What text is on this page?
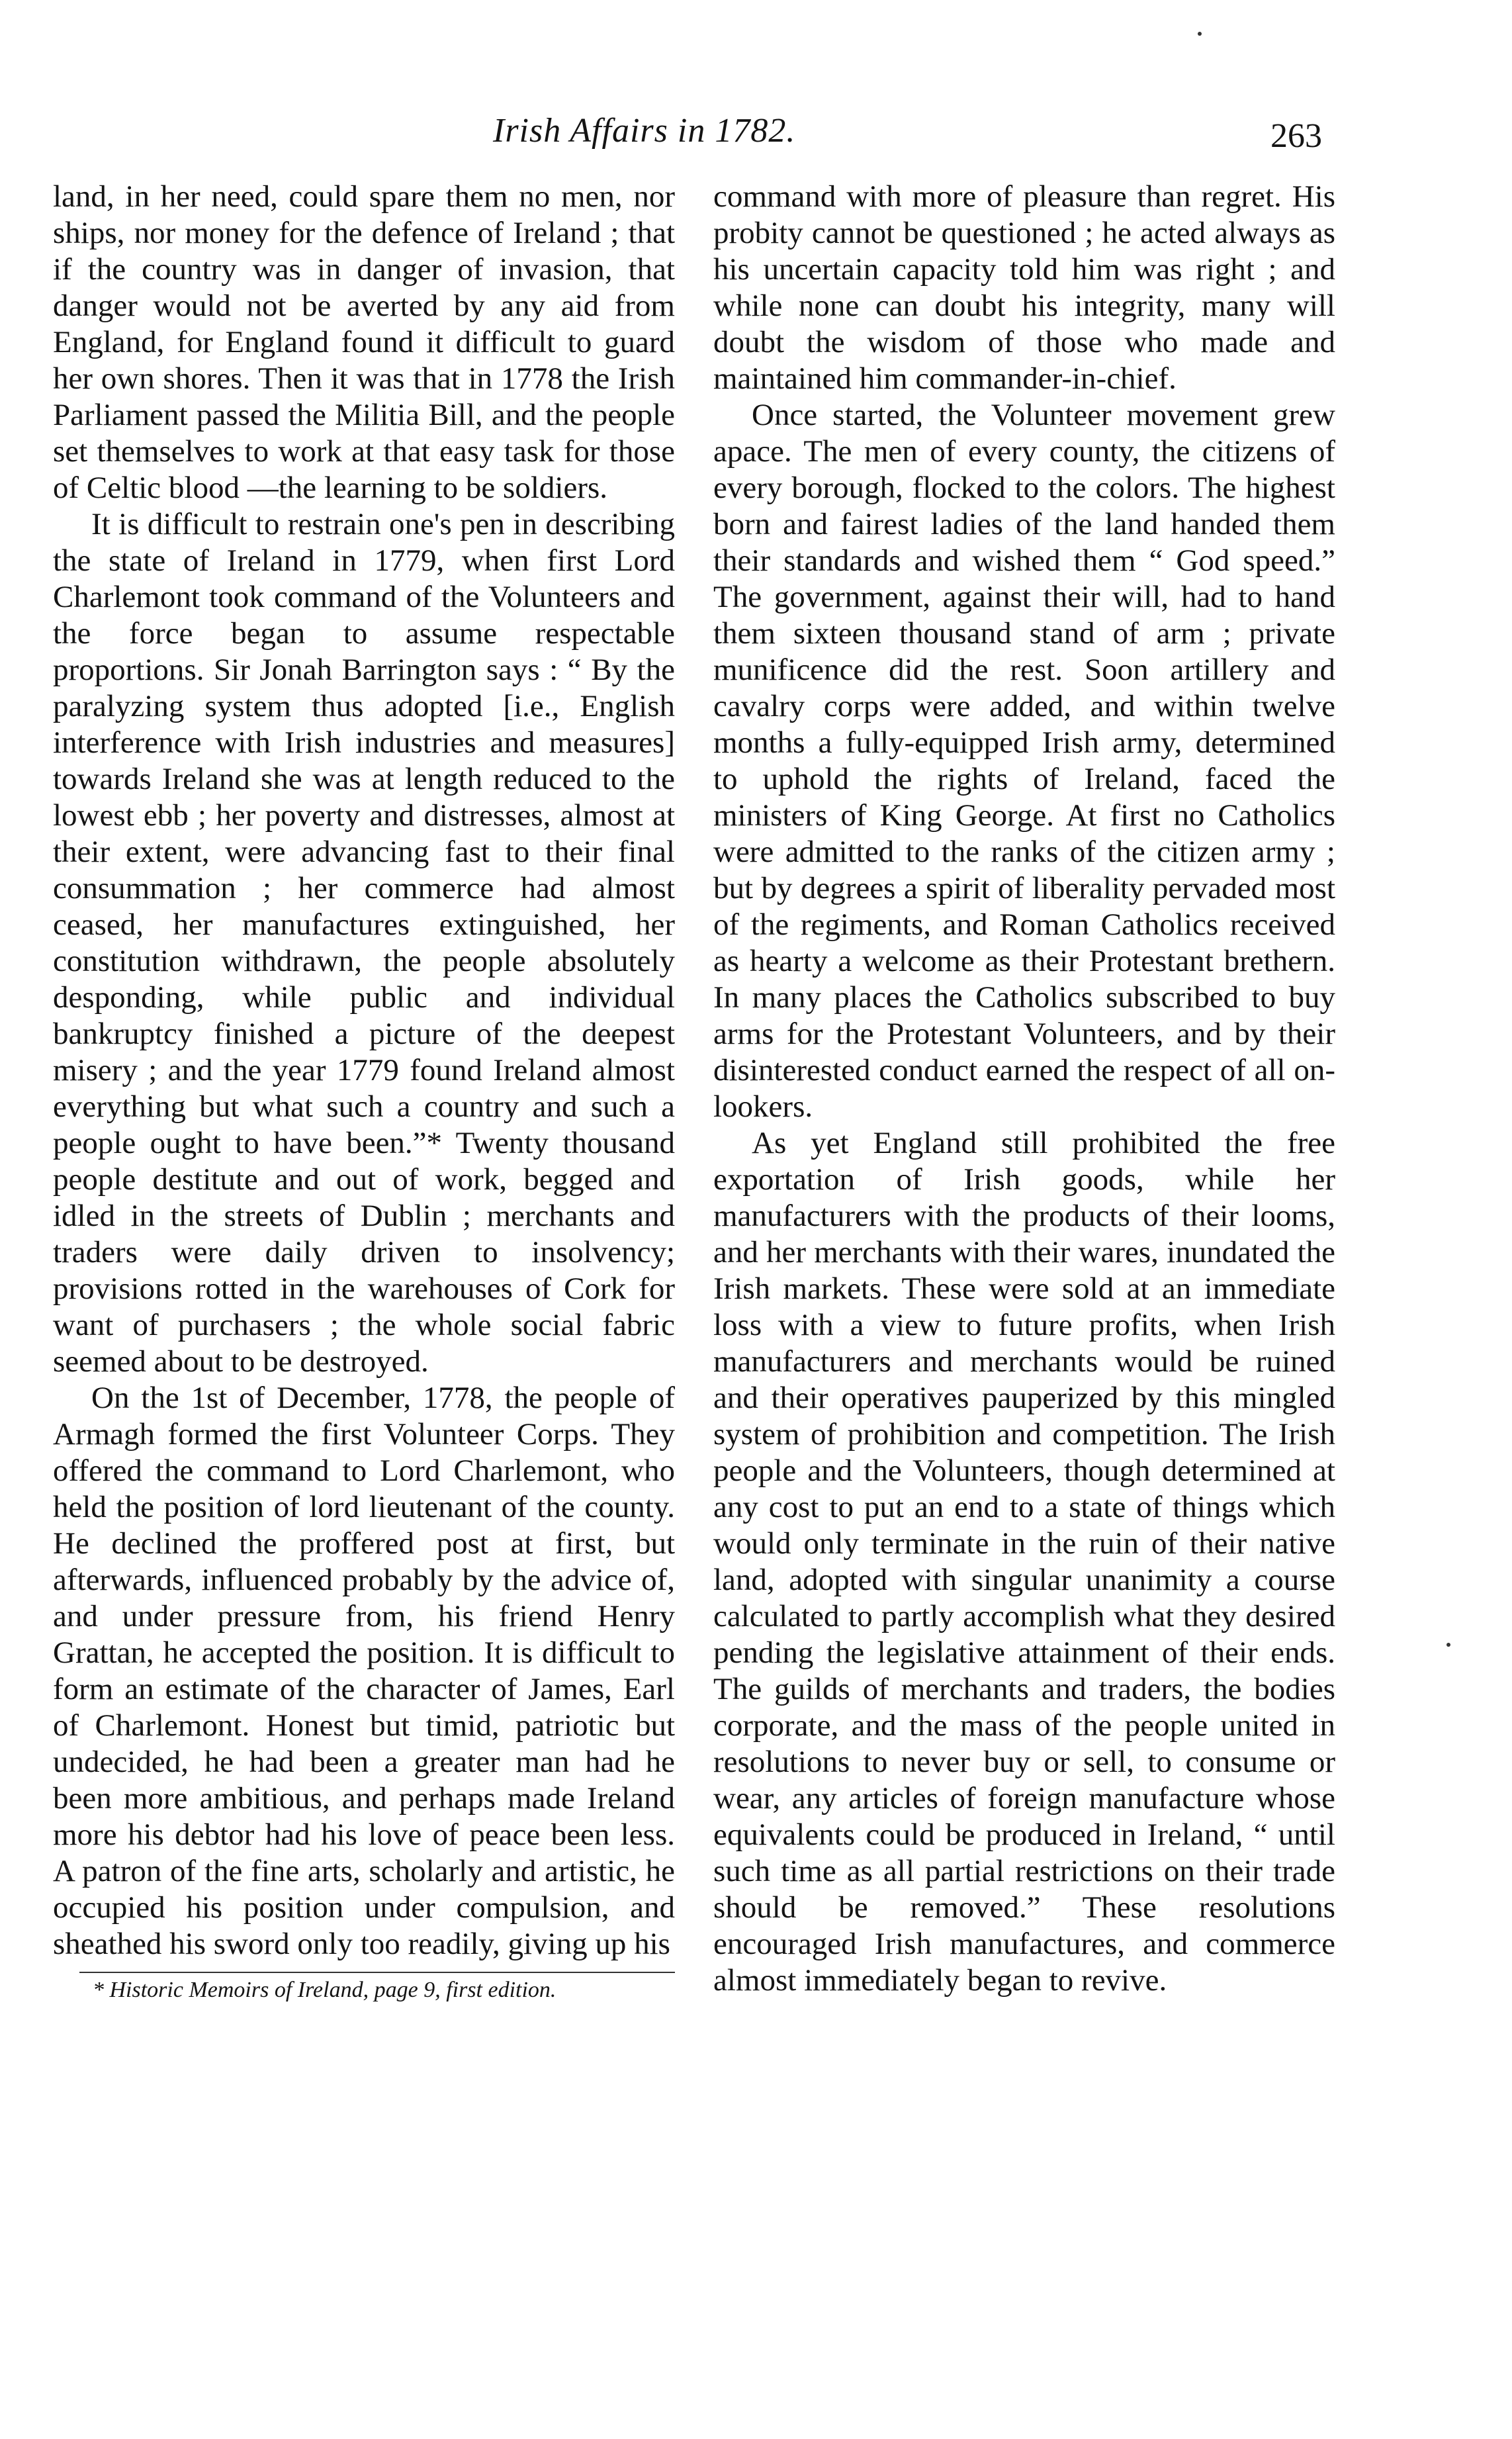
Irish Affairs in 1782.	263

land, in her need, could spare them no men, nor ships, nor money for the defence of Ireland ; that if the country was in danger of invasion, that danger would not be averted by any aid from England, for England found it difficult to guard her own shores. Then it was that in 1778 the Irish Parliament passed the Militia Bill, and the people set themselves to work at that easy task for those of Celtic blood —the learning to be soldiers.

It is difficult to restrain one's pen in describing the state of Ireland in 1779, when first Lord Charlemont took command of the Volunteers and the force began to assume respectable proportions. Sir Jonah Barrington says : “ By the paralyzing system thus adopted [i.e., English interference with Irish industries and measures] towards Ireland she was at length reduced to the lowest ebb ; her poverty and distresses, almost at their extent, were advancing fast to their final consummation ; her commerce had almost ceased, her manufactures extinguished, her constitution withdrawn, the people absolutely desponding, while public and individual bankruptcy finished a picture of the deepest misery ; and the year 1779 found Ireland almost everything but what such a country and such a people ought to have been.”* Twenty thousand people destitute and out of work, begged and idled in the streets of Dublin ; merchants and traders were daily driven to insolvency; provisions rotted in the warehouses of Cork for want of purchasers ; the whole social fabric seemed about to be destroyed.

On the 1st of December, 1778, the people of Armagh formed the first Volunteer Corps. They offered the command to Lord Charlemont, who held the position of lord lieutenant of the county. He declined the proffered post at first, but afterwards, influenced probably by the advice of, and under pressure from, his friend Henry Grattan, he accepted the position. It is difficult to form an estimate of the character of James, Earl of Charlemont. Honest but timid, patriotic but undecided, he had been a greater man had he been more ambitious, and perhaps made Ireland more his debtor had his love of peace been less. A patron of the fine arts, scholarly and artistic, he occupied his position under compulsion, and sheathed his sword only too readily, giving up his

* Historic Memoirs of Ireland, page 9, first edition.

command with more of pleasure than regret. His probity cannot be questioned ; he acted always as his uncertain capacity told him was right ; and while none can doubt his integrity, many will doubt the wisdom of those who made and maintained him commander-in-chief.

Once started, the Volunteer movement grew apace. The men of every county, the citizens of every borough, flocked to the colors. The highest born and fairest ladies of the land handed them their standards and wished them “ God speed.” The government, against their will, had to hand them sixteen thousand stand of arm ; private munificence did the rest. Soon artillery and cavalry corps were added, and within twelve months a fully-equipped Irish army, determined to uphold the rights of Ireland, faced the ministers of King George. At first no Catholics were admitted to the ranks of the citizen army ; but by degrees a spirit of liberality pervaded most of the regiments, and Roman Catholics received as hearty a welcome as their Protestant brethern. In many places the Catholics subscribed to buy arms for the Protestant Volunteers, and by their disinterested conduct earned the respect of all on-lookers.

As yet England still prohibited the free exportation of Irish goods, while her manufacturers with the products of their looms, and her merchants with their wares, inundated the Irish markets. These were sold at an immediate loss with a view to future profits, when Irish manufacturers and merchants would be ruined and their operatives pauperized by this mingled system of prohibition and competition. The Irish people and the Volunteers, though determined at any cost to put an end to a state of things which would only terminate in the ruin of their native land, adopted with singular unanimity a course calculated to partly accomplish what they desired pending the legislative attainment of their ends. The guilds of merchants and traders, the bodies corporate, and the mass of the people united in resolutions to never buy or sell, to consume or wear, any articles of foreign manufacture whose equivalents could be produced in Ireland, “ until such time as all partial restrictions on their trade should be removed.” These resolutions encouraged Irish manufactures, and commerce almost immediately began to revive.
